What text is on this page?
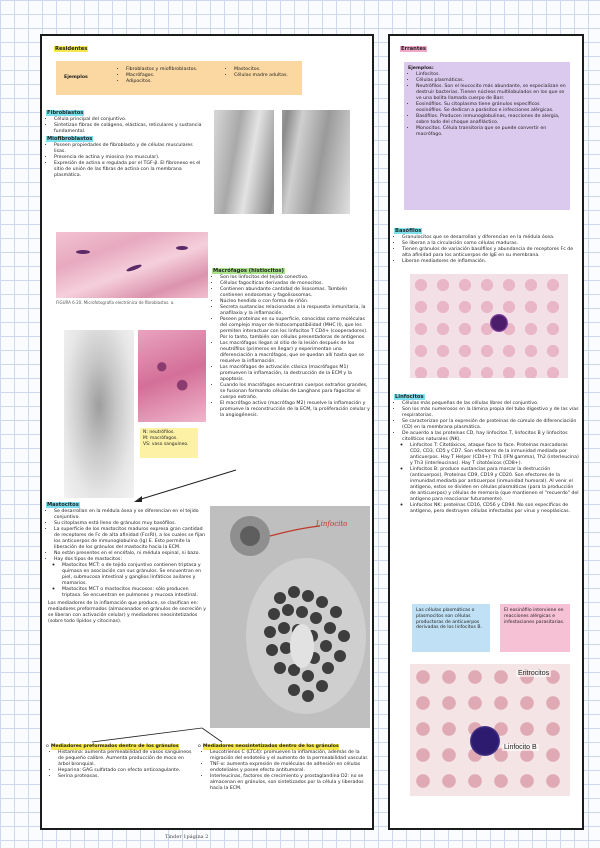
Residentes
Ejemplos
• Fibroblastos y miofibroblastos.
• Macrófagos.
• Adipocitos.
• Mastocitos.
• Células madre adultas.
Fibroblastos
• Célula principal del conjuntivo.
• Sintetizan fibras de colágeno, elásticas, reticulares y sustancia fundamental.
Miofibroblastos
• Poseen propiedades de fibroblasto y de células musculares lisas.
• Presencia de actina y miosina (no muscular).
• Expresión de actina α regulada por el TGF-β. El fibronexo es el sitio de unión de las fibras de actina con la membrana plasmática.
FIGURA 6-20. Microfotografía electrónica de fibroblastos. a.
Macrófagos (histiocitos)
• Son los linfocitos del tejido conectivo.
• Células fagocíticas derivadas de monocitos.
• Contienen abundante cantidad de lisosomas. También contienen endosomas y fagolisosomas.
• Núcleo hendido o con forma de riñón.
• Secreta sustancias relacionadas a la respuesta inmunitaria, la anafilaxia y la inflamación.
• Poseen proteínas en su superficie, conocidas como moléculas del complejo mayor de histocompatibilidad (MHC II), que les permiten interactuar con los linfocitos T CD4+ (cooperadores). Por lo tanto, también son células presentadoras de antígenos.
• Los macrófagos llegan al sitio de la lesión después de los neutrófilos (primeros en llegar) y experimentan una diferenciación a macrófagos, que se quedan allí hasta que se resuelve la inflamación.
• Los macrófagos de activación clásica (macrófagos M1) promueven la inflamación, la destrucción de la ECM y la apoptosis.
• Cuando los macrófagos encuentran cuerpos extraños grandes, se fusionan formando células de Langhans para fagocitar el cuerpo extraño.
• El macrófago activo (macrófago M2) resuelve la inflamación y promueve la reconstrucción de la ECM, la proliferación celular y la angiogénesis.
N: neutrófilos.
M: macrófagos.
VS: vaso sanguíneo.
Mastocitos
• Se desarrollan en la médula ósea y se diferencian en el tejido conjuntivo.
• Su citoplasma está lleno de gránulos muy basófilos.
• La superficie de los mastocitos maduros expresa gran cantidad de receptores de Fc de alta afinidad (FcεRI), a los cuales se fijan los anticuerpos de inmunoglobulina (Ig) E. Esto permite la liberación de los gránulos del mastocito hacia la ECM.
• No están presentes en el encéfalo, ni médula espinal, ni bazo.
• Hay dos tipos de mastocitos:
◦ Mastocitos MCT: o de tejido conjuntivo contienen triptasa y quimasa en asociación con sus gránulos. Se encuentran en piel, submucosa intestinal y ganglios linfáticos axilares y mamarios.
◦ Mastocitos MCT o mastocitos mucosos: sólo producen triptasa. Se encuentran en pulmones y mucosa intestinal.
Los mediadores de la inflamación que produce, se clasifican en: mediadores preformados (almacenados en gránulos de secreción y se liberan con activación celular) y mediadores neosintetizados (sobre todo lípidos y citocinas).
Linfocito
o Mediadores preformados dentro de los gránulos
• Histamina: aumenta permeabilidad de vasos sanguíneos de pequeño calibre. Aumenta producción de moco en árbol bronquial.
• Heparina: GAG sulfatado con efecto anticoagulante.
• Serina proteasas.
o Mediadores neosintetizados dentro de los gránulos
• Leucotrienos C (LTC4): promueven la inflamación, además de la migración del endotelio y el aumento de la permeabilidad vascular.
• TNF-α: aumenta expresión de moléculas de adhesión en células endoteliales y posee efecto antitumoral.
• Interleucinas, factores de crecimiento y prostaglandina D2: no se almacenan en gránulos, son sintetizados por la célula y liberados hacia la ECM.
Errantes
Ejemplos:
• Linfocitos.
• Células plasmáticas.
• Neutrófilos. Son el leucocito más abundante, se especializan en destruir bacterias. Tienen núcleos multilobulados en los que se ve una bolita llamada cuerpo de Barr.
• Eosinófilos. Su citoplasma tiene gránulos específicos eosinófilos. Se dedican a parásitos e infecciones alérgicas.
• Basófilos. Producen inmunoglobulinas, reacciones de alergia, sobre todo del choque anafiláctico.
• Monocitos. Célula transitoria que se puede convertir en macrófago.
Basófilos
• Granulocitos que se desarrollan y diferencian en la médula ósea.
• Se liberan a la circulación como células maduras.
• Tienen gránulos de variación basófilos y abundancia de receptores Fc de alta afinidad para los anticuerpos de IgE en su membrana.
• Liberan mediadores de inflamación.
Linfocitos
• Células más pequeñas de las células libres del conjuntivo.
• Son los más numerosos en la lámina propia del tubo digestivo y de las vías respiratorias.
• Se caracterizan por la expresión de proteínas de cúmulo de diferenciación (CD) en la membrana plasmática.
• De acuerdo a las proteínas CD, hay linfocitos T, linfocitos B y linfocitos citolíticos naturales (NK).
◦ Linfocitos T: Citotóxicos, ataque face to face. Proteínas marcadoras CD2, CD3, CD5 y CD7. Son efectores de la inmunidad mediada por anticuerpos. Hay T Helper (CD4+): Th1 (IFN gamma), Th2 (interleucina) y Th3 (interleucinas). Hay T citotóxicos (CD8+).
◦ Linfocitos B: produce sustancias para marcar la destrucción (anticuerpos). Proteínas CD9, CD19 y CD20. Son efectores de la inmunidad mediada por anticuerpos (inmunidad humoral). Al venir el antígeno, estos se dividen en células plasmáticas (para la producción de anticuerpos) y células de memoria (que mantienen el "recuerdo" del antígeno para reaccionar futuramente).
◦ Linfocitos NK: proteínas CD16, CD56 y CD94. No son específicos de antígeno, pero destruyen células infectadas por virus y neoplásicas.
Las células plasmáticas o plasmocitos son células productoras de anticuerpos derivadas de los linfocitos B.
El eosinófilo interviene en reacciones alérgicas e infestaciones parasitarias.
Eritrocitos
Linfocito B
Tinder 1página 2
